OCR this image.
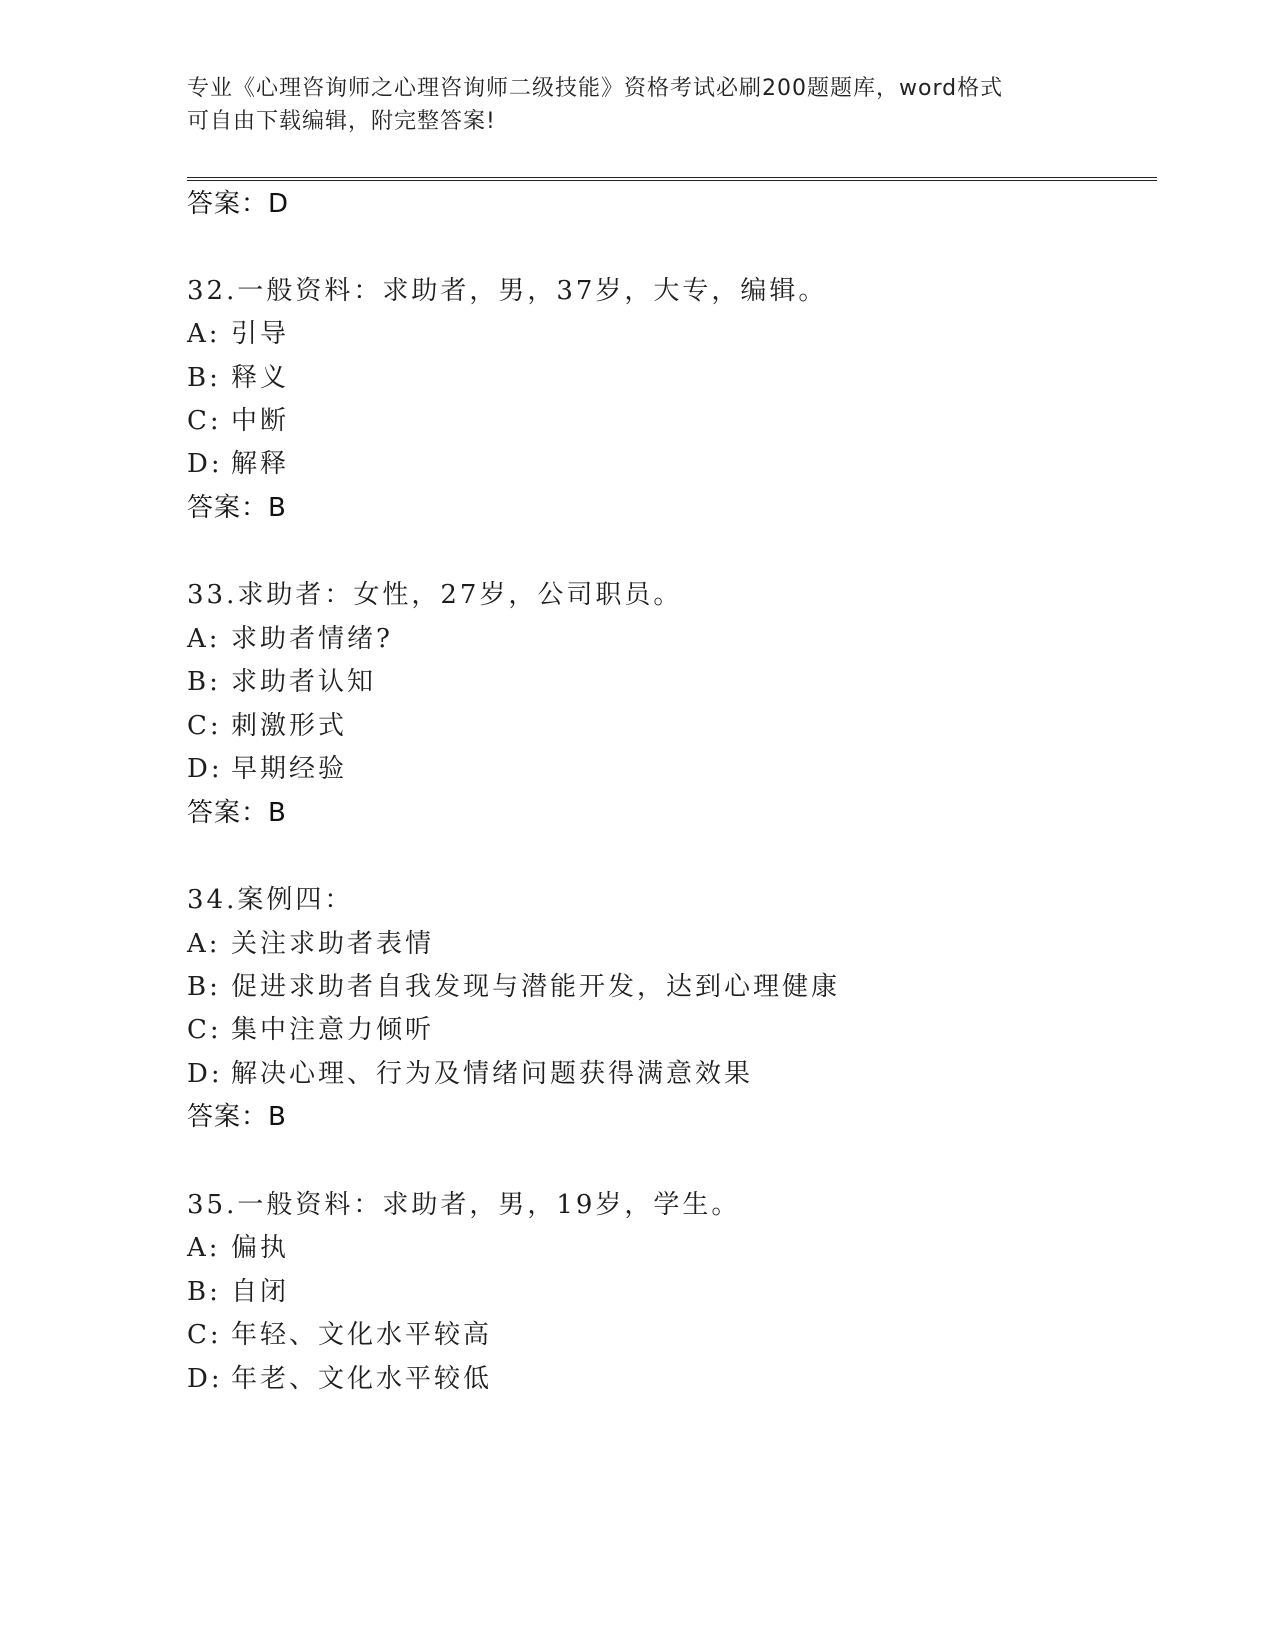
专业《心理咨询师之心理咨询师二级技能》资格考试必刷200题题库，word格式
可自由下载编辑，附完整答案!
答案：D
32.一般资料：求助者，男，37岁，大专，编辑。
A: 引导
B: 释义
C: 中断
D: 解释
答案：B
33.求助者：女性，27岁，公司职员。
A: 求助者情绪?
B: 求助者认知
C: 刺激形式
D: 早期经验
答案：B
34.案例四：
A: 关注求助者表情
B: 促进求助者自我发现与潜能开发，达到心理健康
C: 集中注意力倾听
D: 解决心理、行为及情绪问题获得满意效果
答案：B
35.一般资料：求助者，男，19岁，学生。
A: 偏执
B: 自闭
C: 年轻、文化水平较高
D: 年老、文化水平较低
